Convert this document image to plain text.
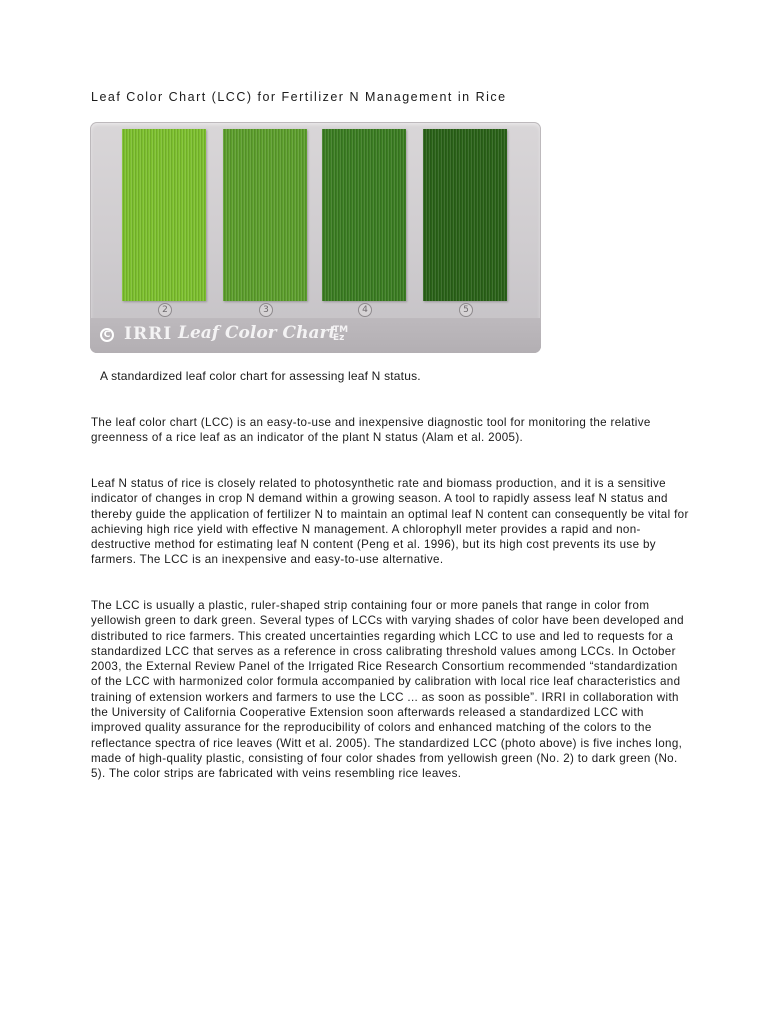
Leaf Color Chart (LCC) for Fertilizer N Management in Rice
2	3	4	5
C IRRI Leaf Color Chart
TM
Ez
A standardized leaf color chart for assessing leaf N status.

The leaf color chart (LCC) is an easy-to-use and inexpensive diagnostic tool for monitoring the relative greenness of a rice leaf as an indicator of the plant N status (Alam et al. 2005).

Leaf N status of rice is closely related to photosynthetic rate and biomass production, and it is a sensitive indicator of changes in crop N demand within a growing season. A tool to rapidly assess leaf N status and thereby guide the application of fertilizer N to maintain an optimal leaf N content can consequently be vital for achieving high rice yield with effective N management. A chlorophyll meter provides a rapid and non-destructive method for estimating leaf N content (Peng et al. 1996), but its high cost prevents its use by farmers. The LCC is an inexpensive and easy-to-use alternative.

The LCC is usually a plastic, ruler-shaped strip containing four or more panels that range in color from yellowish green to dark green. Several types of LCCs with varying shades of color have been developed and distributed to rice farmers. This created uncertainties regarding which LCC to use and led to requests for a standardized LCC that serves as a reference in cross calibrating threshold values among LCCs. In October 2003, the External Review Panel of the Irrigated Rice Research Consortium recommended “standardization of the LCC with harmonized color formula accompanied by calibration with local rice leaf characteristics and training of extension workers and farmers to use the LCC ... as soon as possible”. IRRI in collaboration with the University of California Cooperative Extension soon afterwards released a standardized LCC with improved quality assurance for the reproducibility of colors and enhanced matching of the colors to the reflectance spectra of rice leaves (Witt et al. 2005). The standardized LCC (photo above) is five inches long, made of high-quality plastic, consisting of four color shades from yellowish green (No. 2) to dark green (No. 5). The color strips are fabricated with veins resembling rice leaves.
